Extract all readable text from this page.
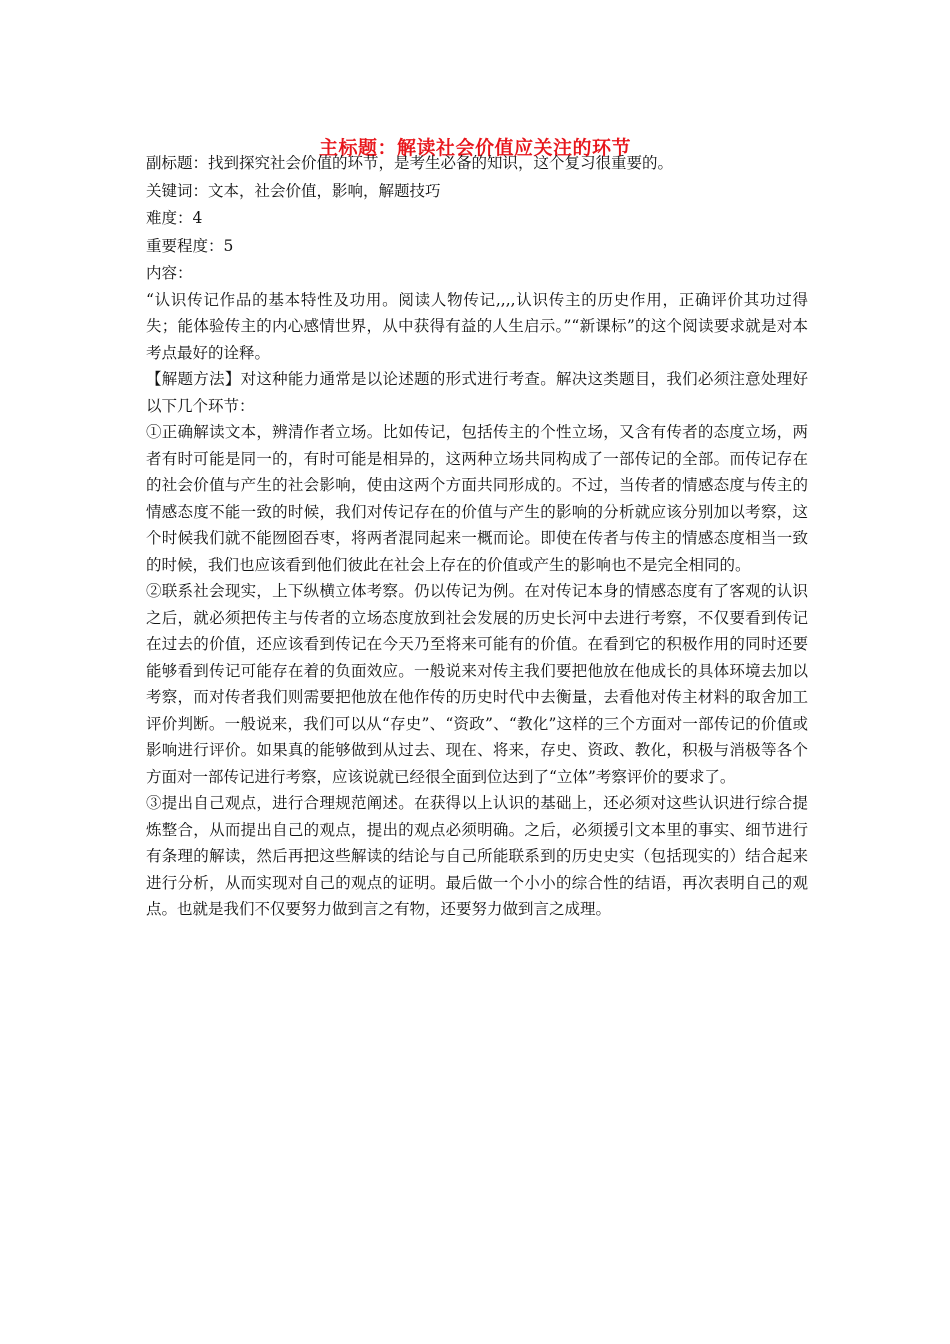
主标题：解读社会价值应关注的环节

副标题：找到探究社会价值的环节，是考生必备的知识，这个复习很重要的。

关键词：文本，社会价值，影响，解题技巧

难度：4

重要程度：5

内容：

“认识传记作品的基本特性及功用。阅读人物传记,,,,认识传主的历史作用，正确评价其功过得失；能体验传主的内心感情世界，从中获得有益的人生启示。”“新课标”的这个阅读要求就是对本考点最好的诠释。

【解题方法】对这种能力通常是以论述题的形式进行考查。解决这类题目，我们必须注意处理好以下几个环节：

①正确解读文本，辨清作者立场。比如传记，包括传主的个性立场，又含有传者的态度立场，两者有时可能是同一的，有时可能是相异的，这两种立场共同构成了一部传记的全部。而传记存在的社会价值与产生的社会影响，使由这两个方面共同形成的。不过，当传者的情感态度与传主的情感态度不能一致的时候，我们对传记存在的价值与产生的影响的分析就应该分别加以考察，这个时候我们就不能囫囵吞枣，将两者混同起来一概而论。即使在传者与传主的情感态度相当一致的时候，我们也应该看到他们彼此在社会上存在的价值或产生的影响也不是完全相同的。

②联系社会现实，上下纵横立体考察。仍以传记为例。在对传记本身的情感态度有了客观的认识之后，就必须把传主与传者的立场态度放到社会发展的历史长河中去进行考察，不仅要看到传记在过去的价值，还应该看到传记在今天乃至将来可能有的价值。在看到它的积极作用的同时还要能够看到传记可能存在着的负面效应。一般说来对传主我们要把他放在他成长的具体环境去加以考察，而对传者我们则需要把他放在他作传的历史时代中去衡量，去看他对传主材料的取舍加工评价判断。一般说来，我们可以从“存史”、“资政”、“教化”这样的三个方面对一部传记的价值或影响进行评价。如果真的能够做到从过去、现在、将来，存史、资政、教化，积极与消极等各个方面对一部传记进行考察，应该说就已经很全面到位达到了“立体”考察评价的要求了。

③提出自己观点，进行合理规范阐述。在获得以上认识的基础上，还必须对这些认识进行综合提炼整合，从而提出自己的观点，提出的观点必须明确。之后，必须援引文本里的事实、细节进行有条理的解读，然后再把这些解读的结论与自己所能联系到的历史史实（包括现实的）结合起来进行分析，从而实现对自己的观点的证明。最后做一个小小的综合性的结语，再次表明自己的观点。也就是我们不仅要努力做到言之有物，还要努力做到言之成理。
